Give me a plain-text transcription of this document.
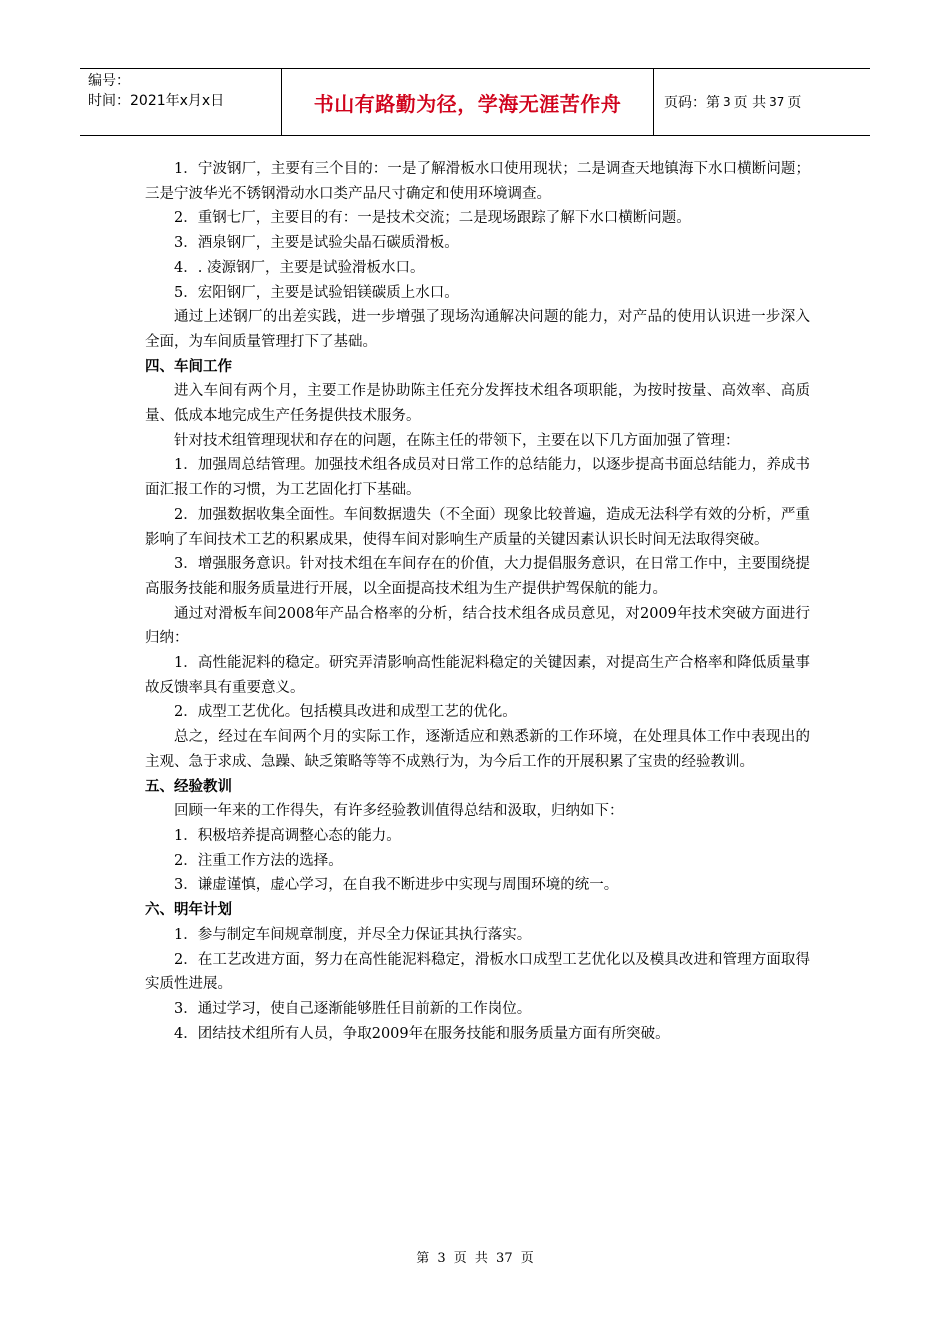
编号：
时间：2021年x月x日	书山有路勤为径，学海无涯苦作舟	页码：第 3 页 共 37 页

1．宁波钢厂，主要有三个目的：一是了解滑板水口使用现状；二是调查天地镇海下水口横断问题；三是宁波华光不锈钢滑动水口类产品尺寸确定和使用环境调查。

2．重钢七厂，主要目的有：一是技术交流；二是现场跟踪了解下水口横断问题。

3．酒泉钢厂，主要是试验尖晶石碳质滑板。

4．. 凌源钢厂，主要是试验滑板水口。

5．宏阳钢厂，主要是试验铝镁碳质上水口。

通过上述钢厂的出差实践，进一步增强了现场沟通解决问题的能力，对产品的使用认识进一步深入全面，为车间质量管理打下了基础。

四、车间工作

进入车间有两个月，主要工作是协助陈主任充分发挥技术组各项职能，为按时按量、高效率、高质量、低成本地完成生产任务提供技术服务。

针对技术组管理现状和存在的问题，在陈主任的带领下，主要在以下几方面加强了管理：

1．加强周总结管理。加强技术组各成员对日常工作的总结能力，以逐步提高书面总结能力，养成书面汇报工作的习惯，为工艺固化打下基础。

2．加强数据收集全面性。车间数据遗失（不全面）现象比较普遍，造成无法科学有效的分析，严重影响了车间技术工艺的积累成果，使得车间对影响生产质量的关键因素认识长时间无法取得突破。

3．增强服务意识。针对技术组在车间存在的价值，大力提倡服务意识，在日常工作中，主要围绕提高服务技能和服务质量进行开展，以全面提高技术组为生产提供护驾保航的能力。

通过对滑板车间2008年产品合格率的分析，结合技术组各成员意见，对2009年技术突破方面进行归纳：

1．高性能泥料的稳定。研究弄清影响高性能泥料稳定的关键因素，对提高生产合格率和降低质量事故反馈率具有重要意义。

2．成型工艺优化。包括模具改进和成型工艺的优化。

总之，经过在车间两个月的实际工作，逐渐适应和熟悉新的工作环境，在处理具体工作中表现出的主观、急于求成、急躁、缺乏策略等等不成熟行为，为今后工作的开展积累了宝贵的经验教训。

五、经验教训

回顾一年来的工作得失，有许多经验教训值得总结和汲取，归纳如下：

1．积极培养提高调整心态的能力。

2．注重工作方法的选择。

3．谦虚谨慎，虚心学习，在自我不断进步中实现与周围环境的统一。

六、明年计划

1．参与制定车间规章制度，并尽全力保证其执行落实。

2．在工艺改进方面，努力在高性能泥料稳定，滑板水口成型工艺优化以及模具改进和管理方面取得实质性进展。

3．通过学习，使自己逐渐能够胜任目前新的工作岗位。

4．团结技术组所有人员，争取2009年在服务技能和服务质量方面有所突破。

第 3 页 共 37 页
